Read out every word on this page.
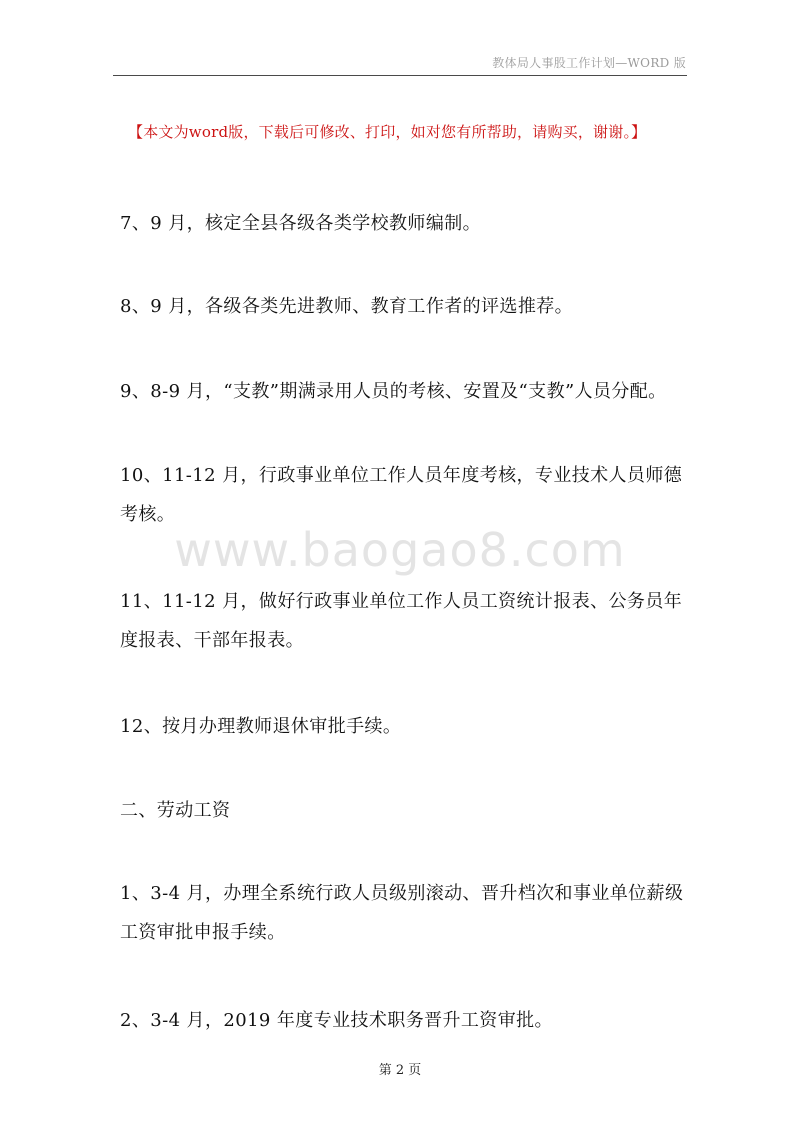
教体局人事股工作计划—WORD 版
【本文为word版，下载后可修改、打印，如对您有所帮助，请购买，谢谢。】
7、9 月，核定全县各级各类学校教师编制。
8、9 月，各级各类先进教师、教育工作者的评选推荐。
9、8-9 月，“支教”期满录用人员的考核、安置及“支教”人员分配。
10、11-12 月，行政事业单位工作人员年度考核，专业技术人员师德考核。
11、11-12 月，做好行政事业单位工作人员工资统计报表、公务员年度报表、干部年报表。
12、按月办理教师退休审批手续。
二、劳动工资
1、3-4 月，办理全系统行政人员级别滚动、晋升档次和事业单位薪级工资审批申报手续。
2、3-4 月，2019 年度专业技术职务晋升工资审批。
www.baogao8.com
第 2 页
